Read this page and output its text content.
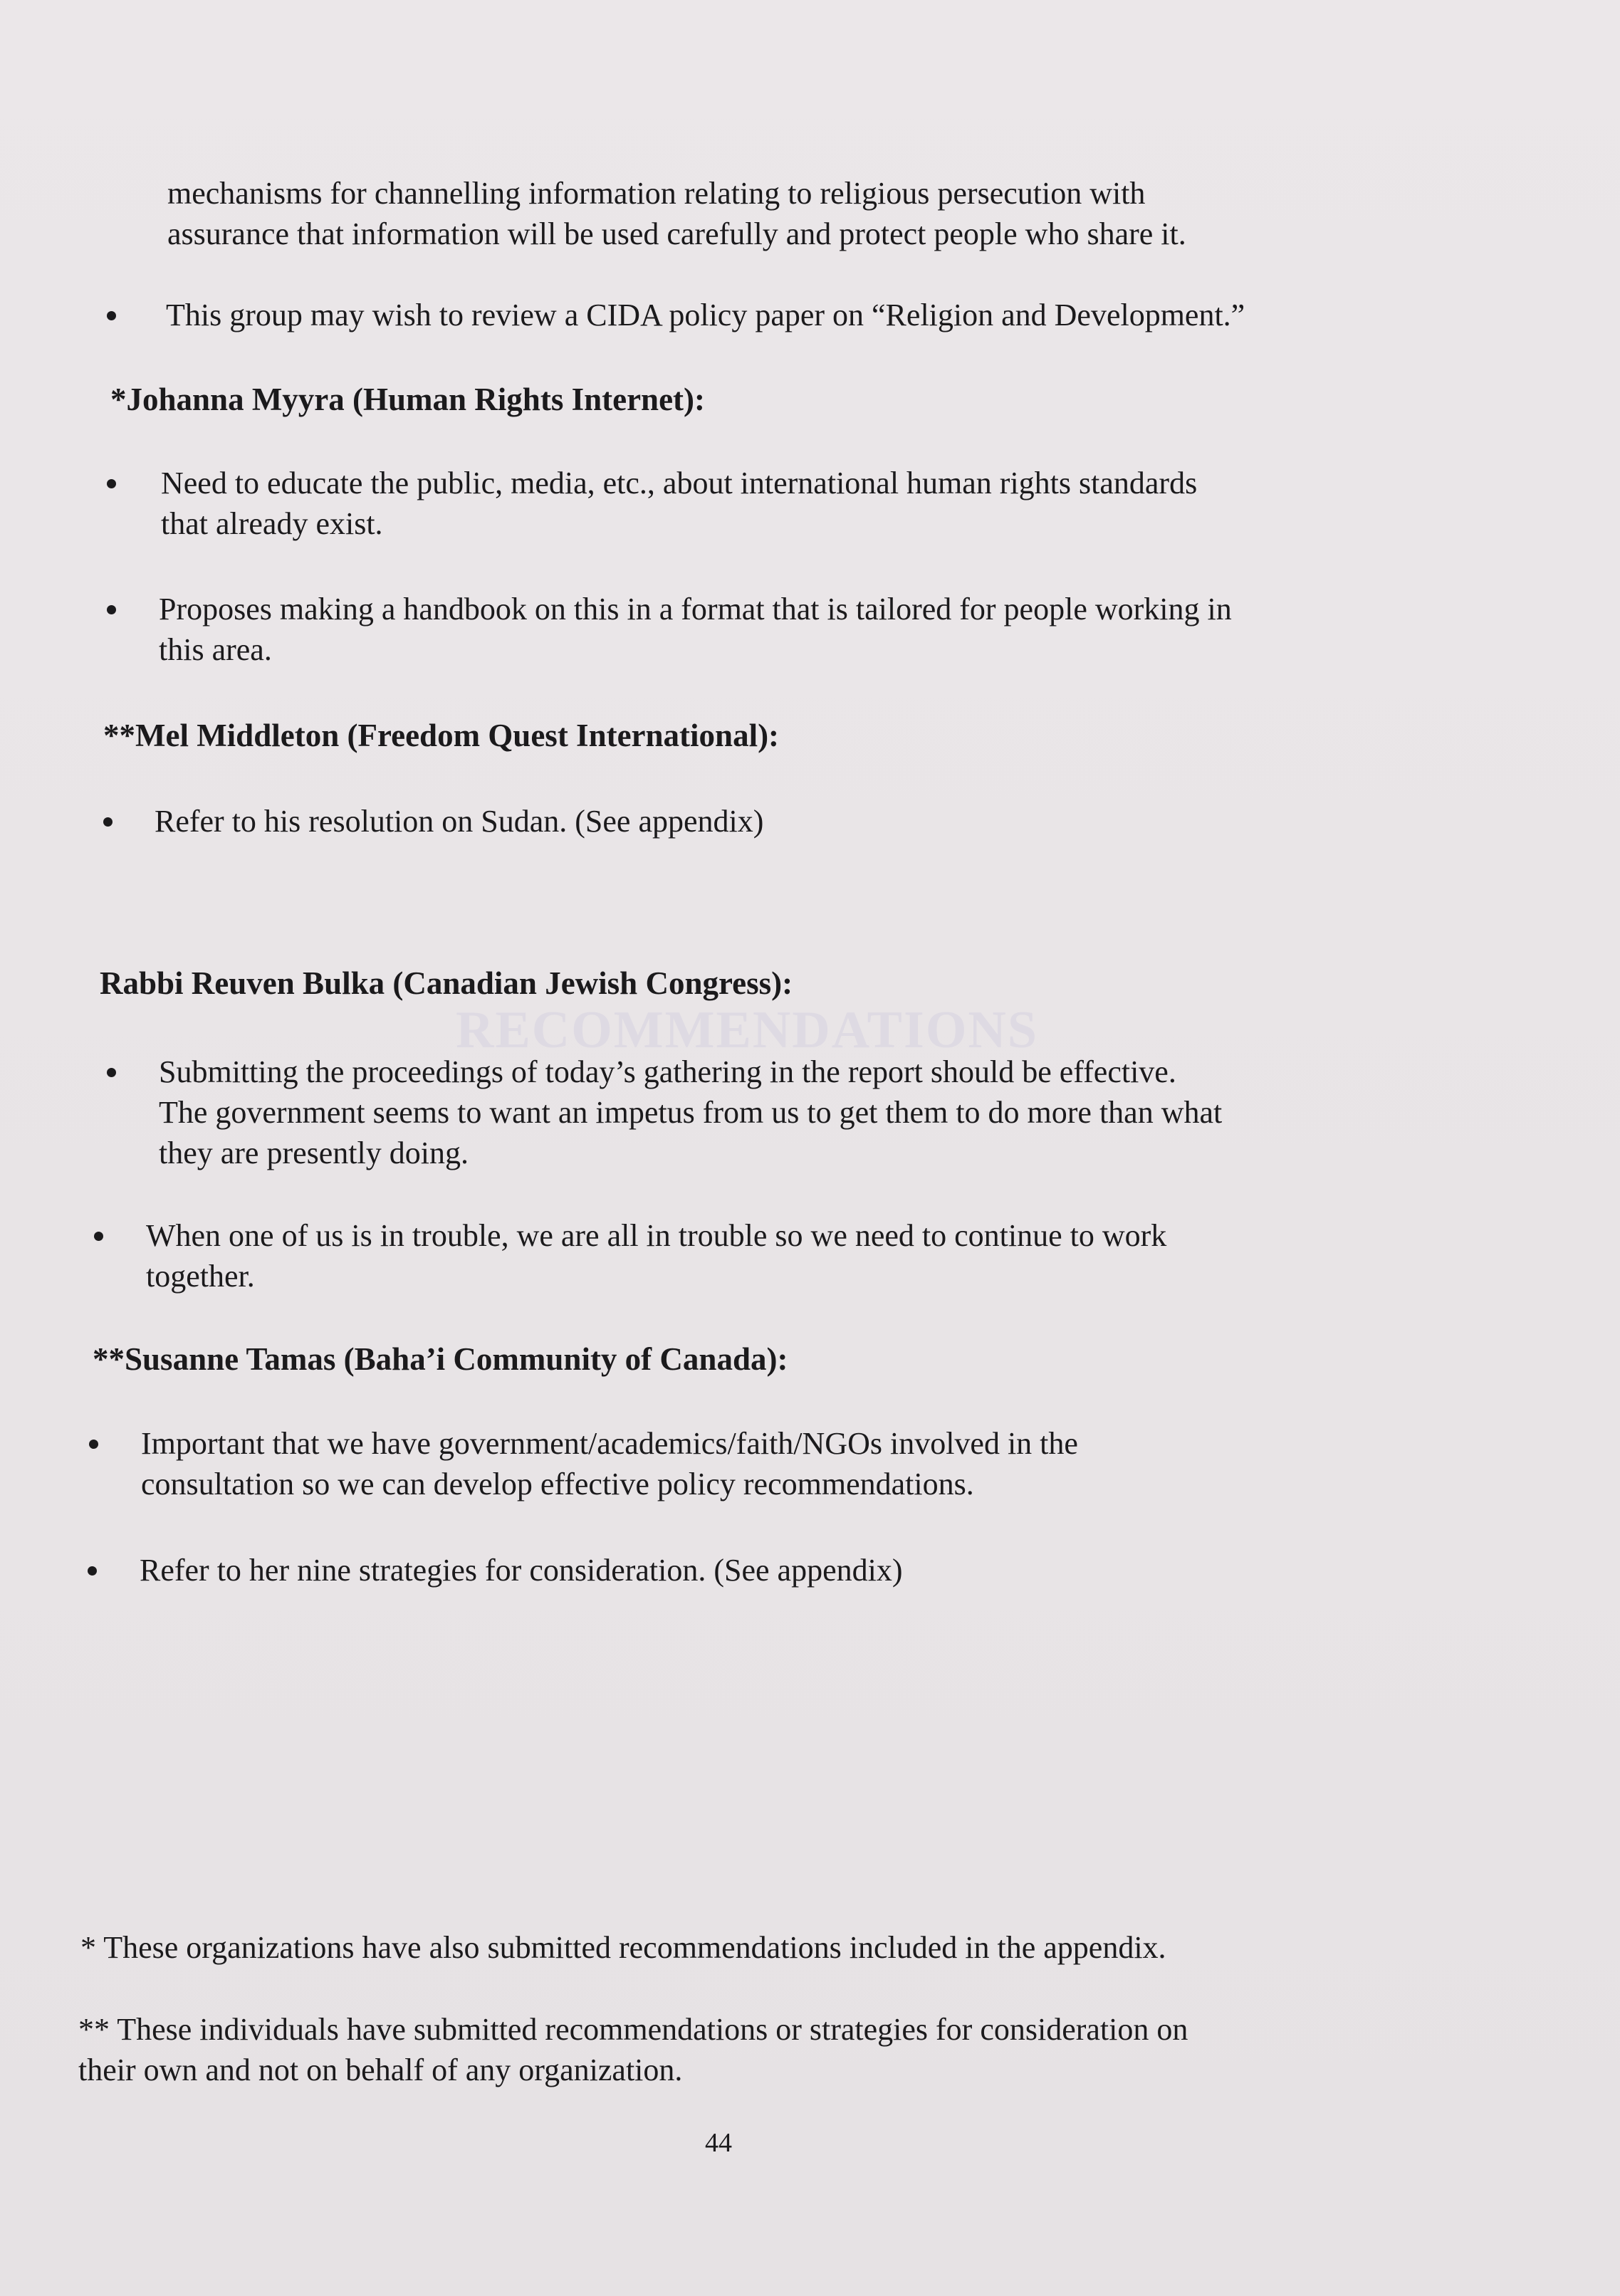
RECOMMENDATIONS
mechanisms for channelling information relating to religious persecution with
assurance that information will be used carefully and protect people who share it.
This group may wish to review a CIDA policy paper on “Religion and Development.”
*Johanna Myyra (Human Rights Internet):
Need to educate the public, media, etc., about international human rights standards
that already exist.
Proposes making a handbook on this in a format that is tailored for people working in
this area.
**Mel Middleton (Freedom Quest International):
Refer to his resolution on Sudan. (See appendix)
Rabbi Reuven Bulka (Canadian Jewish Congress):
Submitting the proceedings of today’s gathering in the report should be effective.
The government seems to want an impetus from us to get them to do more than what
they are presently doing.
When one of us is in trouble, we are all in trouble so we need to continue to work
together.
**Susanne Tamas (Baha’i Community of Canada):
Important that we have government/academics/faith/NGOs involved in the
consultation so we can develop effective policy recommendations.
Refer to her nine strategies for consideration. (See appendix)
* These organizations have also submitted recommendations included in the appendix.
** These individuals have submitted recommendations or strategies for consideration on
their own and not on behalf of any organization.
44
